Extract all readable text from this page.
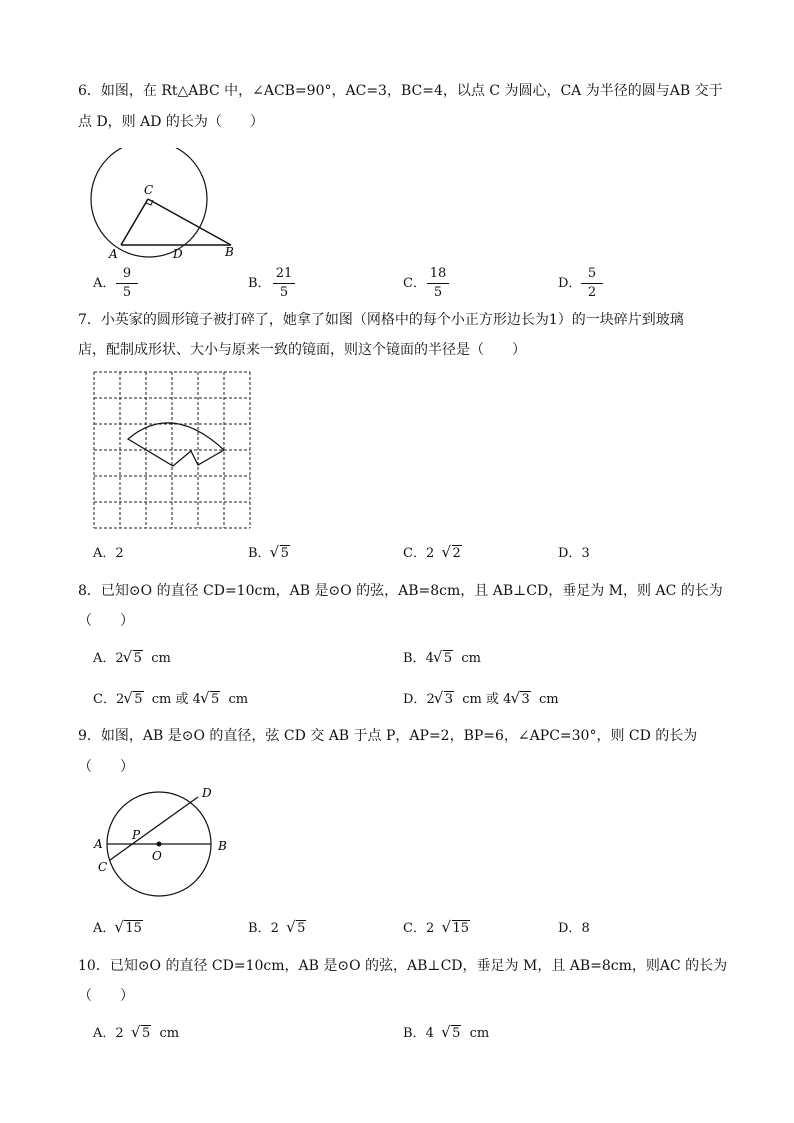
6．如图，在 Rt△ABC 中，∠ACB=90°，AC=3，BC=4，以点 C 为圆心，CA 为半径的圆与AB 交于
点 D，则 AD 的长为（　　）
C
A	D	B
A．
9
5
B．
21
5
C．
18
5
D．
5
2
7．小英家的圆形镜子被打碎了，她拿了如图（网格中的每个小正方形边长为1）的一块碎片到玻璃
店，配制成形状、大小与原来一致的镜面，则这个镜面的半径是（　　）
A．2	B． √ 5	C．2 √ 2	D．3
8．已知⊙O 的直径 CD=10cm，AB 是⊙O 的弦，AB=8cm，且 AB⊥CD，垂足为 M，则 AC 的长为
（　　）
A．2 √ 5 cm	B．4 √ 5 cm
C．2 √ 5 cm 或 4 √ 5 cm	D．2 √ 3 cm 或 4 √ 3 cm
9．如图，AB 是⊙O 的直径，弦 CD 交 AB 于点 P，AP=2，BP=6，∠APC=30°，则 CD 的长为
（　　）
D
P
A
O
B
C
A． √ 15	B．2 √ 5	C．2 √ 15	D．8
10．已知⊙O 的直径 CD=10cm，AB 是⊙O 的弦，AB⊥CD，垂足为 M，且 AB=8cm，则AC 的长为
（　　）
A．2 √ 5 cm	B．4 √ 5 cm
